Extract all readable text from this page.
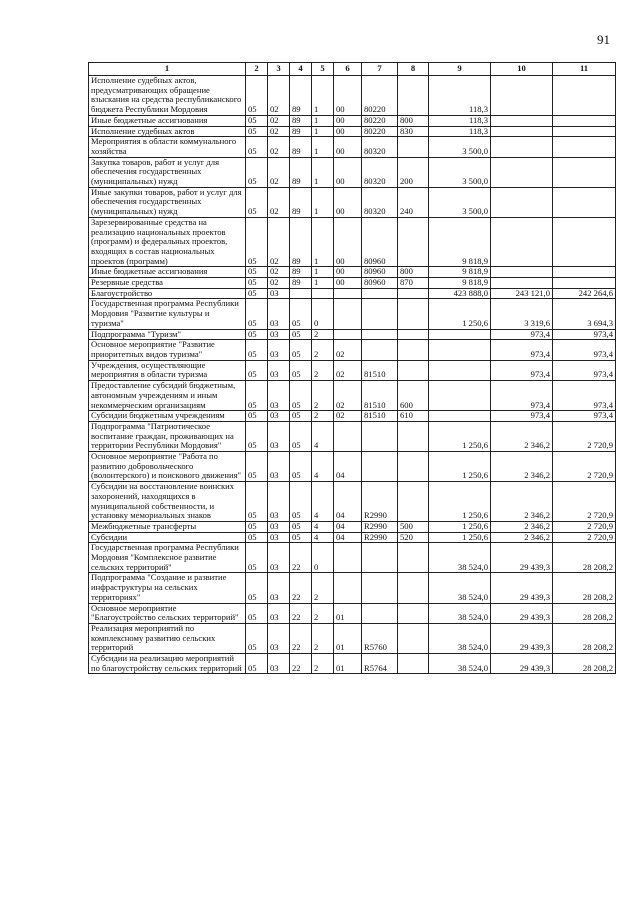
91
1	2	3	4	5	6	7	8	9	10	11
Исполнение судебных актов, предусматривающих обращение взыскания на средства республиканского бюджета Республики Мордовия	05	02	89	1	00	80220		118,3		
Иные бюджетные ассигнования	05	02	89	1	00	80220	800	118,3		
Исполнение судебных актов	05	02	89	1	00	80220	830	118,3		
Мероприятия в области коммунального хозяйства	05	02	89	1	00	80320		3 500,0		
Закупка товаров, работ и услуг для обеспечения государственных (муниципальных) нужд	05	02	89	1	00	80320	200	3 500,0		
Иные закупки товаров, работ и услуг для обеспечения государственных (муниципальных) нужд	05	02	89	1	00	80320	240	3 500,0		
Зарезервированные средства на реализацию национальных проектов (программ) и федеральных проектов, входящих в состав национальных проектов (программ)	05	02	89	1	00	80960		9 818,9		
Иные бюджетные ассигнования	05	02	89	1	00	80960	800	9 818,9		
Резервные средства	05	02	89	1	00	80960	870	9 818,9		
Благоустройство	05	03						423 888,0	243 121,0	242 264,6
Государственная программа Республики Мордовия "Развитие культуры и туризма"	05	03	05	0				1 250,6	3 319,6	3 694,3
Подпрограмма "Туризм"	05	03	05	2					973,4	973,4
Основное мероприятие "Развитие приоритетных видов туризма"	05	03	05	2	02				973,4	973,4
Учреждения, осуществляющие мероприятия в области туризма	05	03	05	2	02	81510			973,4	973,4
Предоставление субсидий бюджетным, автономным учреждениям и иным некоммерческим организациям	05	03	05	2	02	81510	600		973,4	973,4
Субсидии бюджетным учреждениям	05	03	05	2	02	81510	610		973,4	973,4
Подпрограмма "Патриотическое воспитание граждан, проживающих на территории Республики Мордовия"	05	03	05	4				1 250,6	2 346,2	2 720,9
Основное мероприятие "Работа по развитию добровольческого (волонтерского) и поискового движения"	05	03	05	4	04			1 250,6	2 346,2	2 720,9
Субсидии на восстановление воинских захоронений, находящихся в муниципальной собственности, и установку мемориальных знаков	05	03	05	4	04	R2990		1 250,6	2 346,2	2 720,9
Межбюджетные трансферты	05	03	05	4	04	R2990	500	1 250,6	2 346,2	2 720,9
Субсидии	05	03	05	4	04	R2990	520	1 250,6	2 346,2	2 720,9
Государственная программа Республики Мордовия "Комплексное развитие сельских территорий"	05	03	22	0				38 524,0	29 439,3	28 208,2
Подпрограмма "Создание и развитие инфраструктуры на сельских территориях"	05	03	22	2				38 524,0	29 439,3	28 208,2
Основное мероприятие "Благоустройство сельских территорий"	05	03	22	2	01			38 524,0	29 439,3	28 208,2
Реализация мероприятий по комплексному развитию сельских территорий	05	03	22	2	01	R5760		38 524,0	29 439,3	28 208,2
Субсидии на реализацию мероприятий по благоустройству сельских территорий	05	03	22	2	01	R5764		38 524,0	29 439,3	28 208,2
